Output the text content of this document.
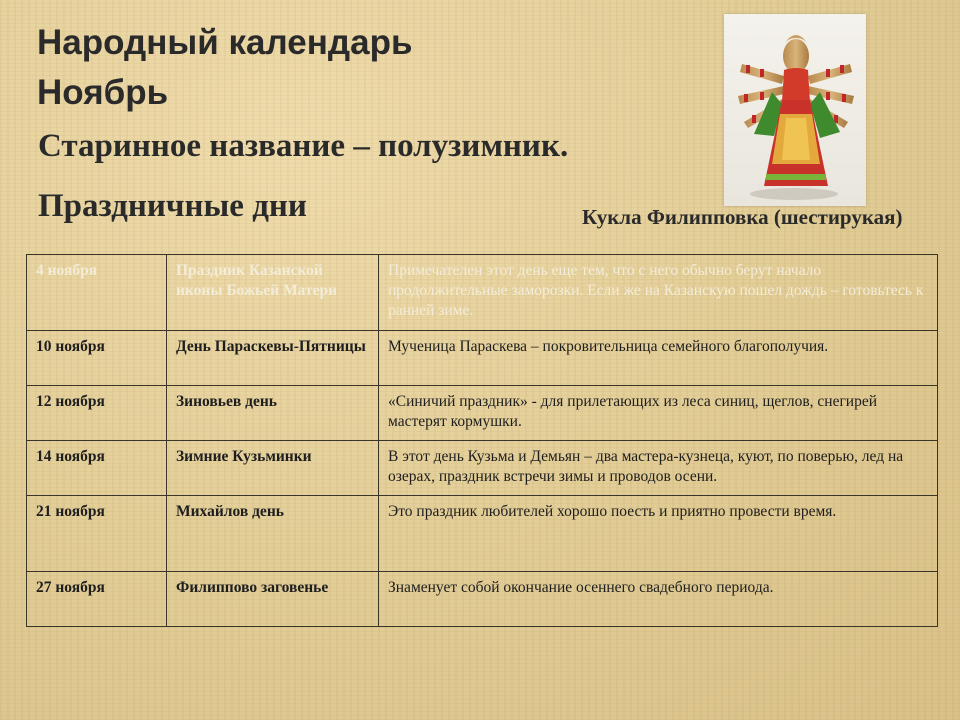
Народный календарь
Ноябрь
Старинное название – полузимник.
Праздничные дни	Кукла Филипповка (шестирукая)
4 ноября	Праздник Казанской иконы Божьей Матери	Примечателен этот день еще тем, что с него обычно берут начало продолжительные заморозки. Если же на Казанскую пошел дождь – готовьтесь к ранней зиме.
10 ноября	День Параскевы-Пятницы	Мученица Параскева – покровительница семейного благополучия.
12 ноября	Зиновьев день	«Синичий праздник» - для прилетающих из леса синиц, щеглов, снегирей мастерят кормушки.
14 ноября	Зимние Кузьминки	В этот день Кузьма и Демьян – два мастера-кузнеца, куют, по поверью, лед на озерах, праздник встречи зимы и проводов осени.
21 ноября	Михайлов день	Это праздник любителей хорошо поесть и приятно провести время.
27 ноября	Филиппово заговенье	Знаменует собой окончание осеннего свадебного периода.
